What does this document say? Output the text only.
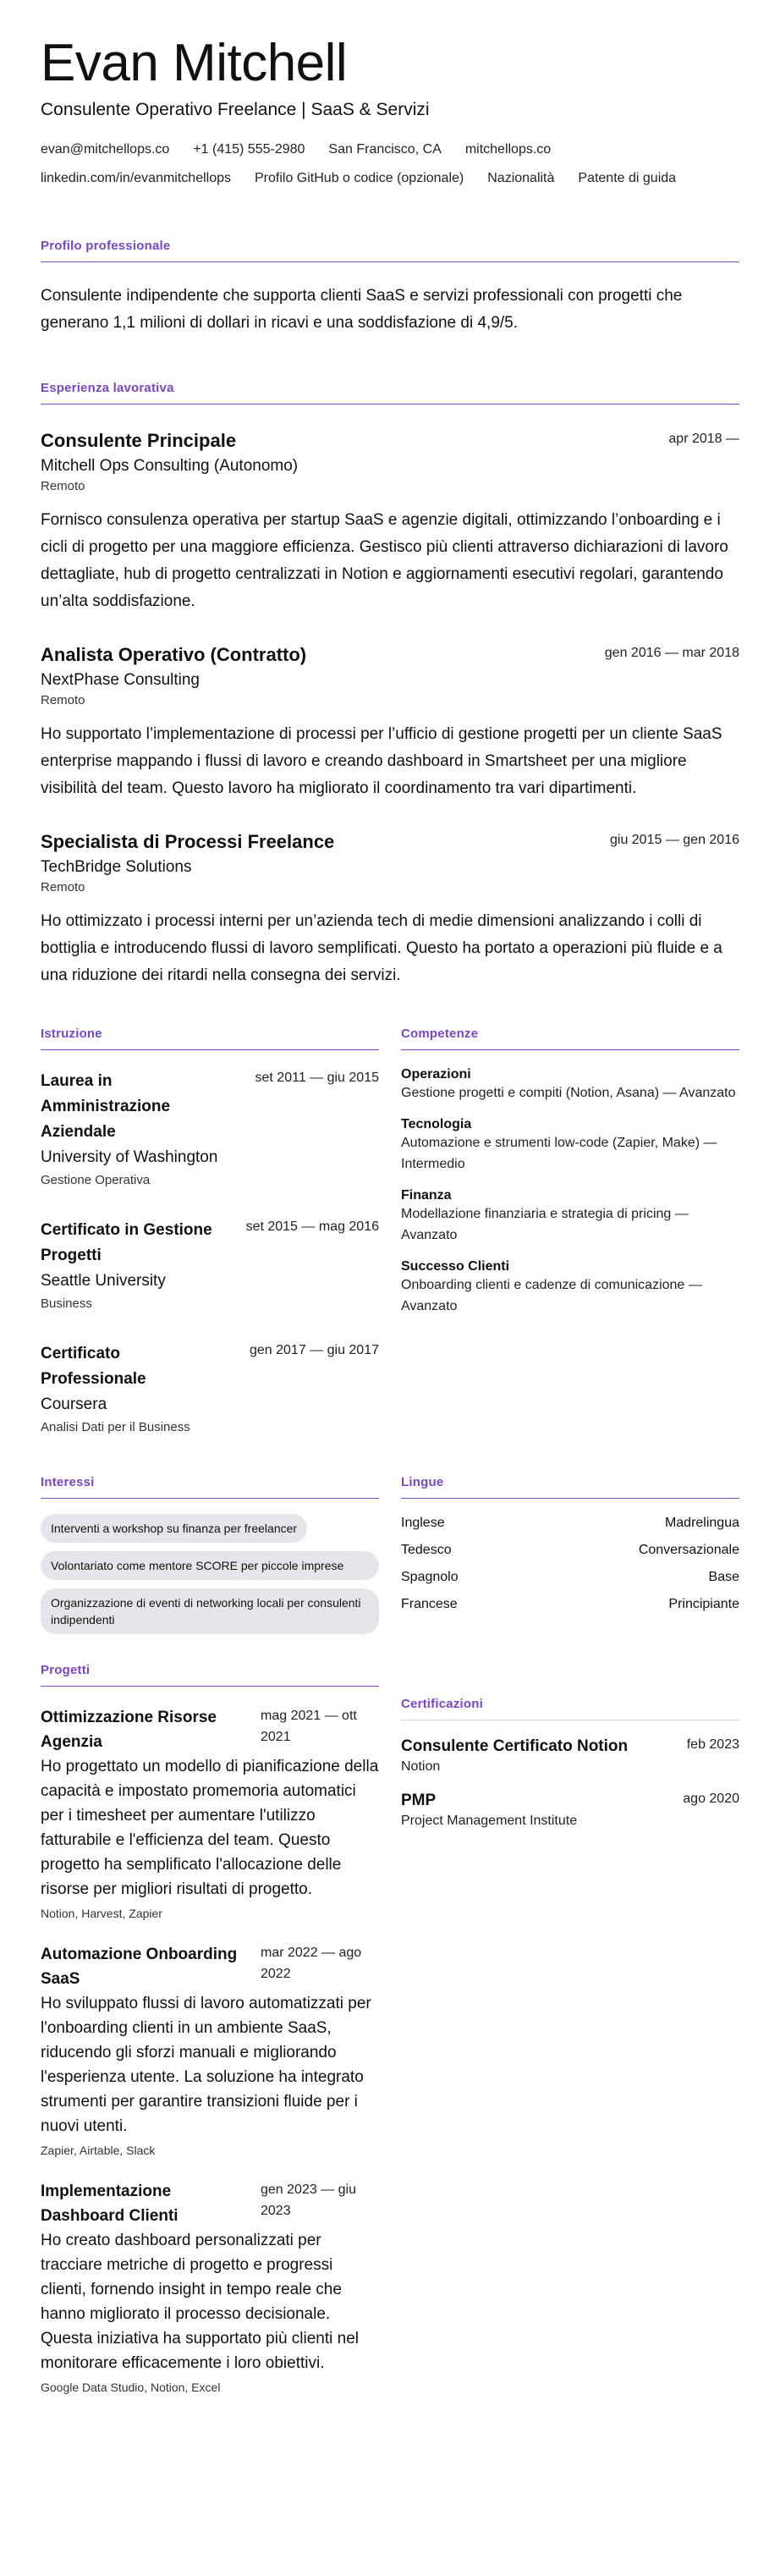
Evan Mitchell
Consulente Operativo Freelance | SaaS & Servizi
evan@mitchellops.co +1 (415) 555-2980 San Francisco, CA mitchellops.co
linkedin.com/in/evanmitchellops Profilo GitHub o codice (opzionale) Nazionalità Patente di guida
Profilo professionale
Consulente indipendente che supporta clienti SaaS e servizi professionali con progetti che generano 1,1 milioni di dollari in ricavi e una soddisfazione di 4,9/5.
Esperienza lavorativa
Consulente Principale	apr 2018 —
Mitchell Ops Consulting (Autonomo)
Remoto
Fornisco consulenza operativa per startup SaaS e agenzie digitali, ottimizzando l’onboarding e i cicli di progetto per una maggiore efficienza. Gestisco più clienti attraverso dichiarazioni di lavoro dettagliate, hub di progetto centralizzati in Notion e aggiornamenti esecutivi regolari, garantendo un’alta soddisfazione.
Analista Operativo (Contratto)	gen 2016 — mar 2018
NextPhase Consulting
Remoto
Ho supportato l’implementazione di processi per l’ufficio di gestione progetti per un cliente SaaS enterprise mappando i flussi di lavoro e creando dashboard in Smartsheet per una migliore visibilità del team. Questo lavoro ha migliorato il coordinamento tra vari dipartimenti.
Specialista di Processi Freelance	giu 2015 — gen 2016
TechBridge Solutions
Remoto
Ho ottimizzato i processi interni per un’azienda tech di medie dimensioni analizzando i colli di bottiglia e introducendo flussi di lavoro semplificati. Questo ha portato a operazioni più fluide e a una riduzione dei ritardi nella consegna dei servizi.
Istruzione
Laurea in Amministrazione Aziendale
set 2011 — giu 2015
University of Washington
Gestione Operativa
Certificato in Gestione Progetti
set 2015 — mag 2016
Seattle University
Business
Certificato Professionale
gen 2017 — giu 2017
Coursera
Analisi Dati per il Business
Competenze
Operazioni
Gestione progetti e compiti (Notion, Asana) — Avanzato
Tecnologia
Automazione e strumenti low-code (Zapier, Make) — Intermedio
Finanza
Modellazione finanziaria e strategia di pricing — Avanzato
Successo Clienti
Onboarding clienti e cadenze di comunicazione — Avanzato
Interessi
Interventi a workshop su finanza per freelancer
Volontariato come mentore SCORE per piccole imprese
Organizzazione di eventi di networking locali per consulenti indipendenti
Lingue
Inglese	Madrelingua
Tedesco	Conversazionale
Spagnolo	Base
Francese	Principiante
Progetti
Ottimizzazione Risorse Agenzia
mag 2021 — ott 2021
Ho progettato un modello di pianificazione della capacità e impostato promemoria automatici per i timesheet per aumentare l'utilizzo fatturabile e l'efficienza del team. Questo progetto ha semplificato l'allocazione delle risorse per migliori risultati di progetto.
Notion, Harvest, Zapier
Automazione Onboarding SaaS
mar 2022 — ago 2022
Ho sviluppato flussi di lavoro automatizzati per l'onboarding clienti in un ambiente SaaS, riducendo gli sforzi manuali e migliorando l'esperienza utente. La soluzione ha integrato strumenti per garantire transizioni fluide per i nuovi utenti.
Zapier, Airtable, Slack
Implementazione Dashboard Clienti
gen 2023 — giu 2023
Ho creato dashboard personalizzati per tracciare metriche di progetto e progressi clienti, fornendo insight in tempo reale che hanno migliorato il processo decisionale. Questa iniziativa ha supportato più clienti nel monitorare efficacemente i loro obiettivi.
Google Data Studio, Notion, Excel
Certificazioni
Consulente Certificato Notion	feb 2023
Notion
PMP	ago 2020
Project Management Institute
